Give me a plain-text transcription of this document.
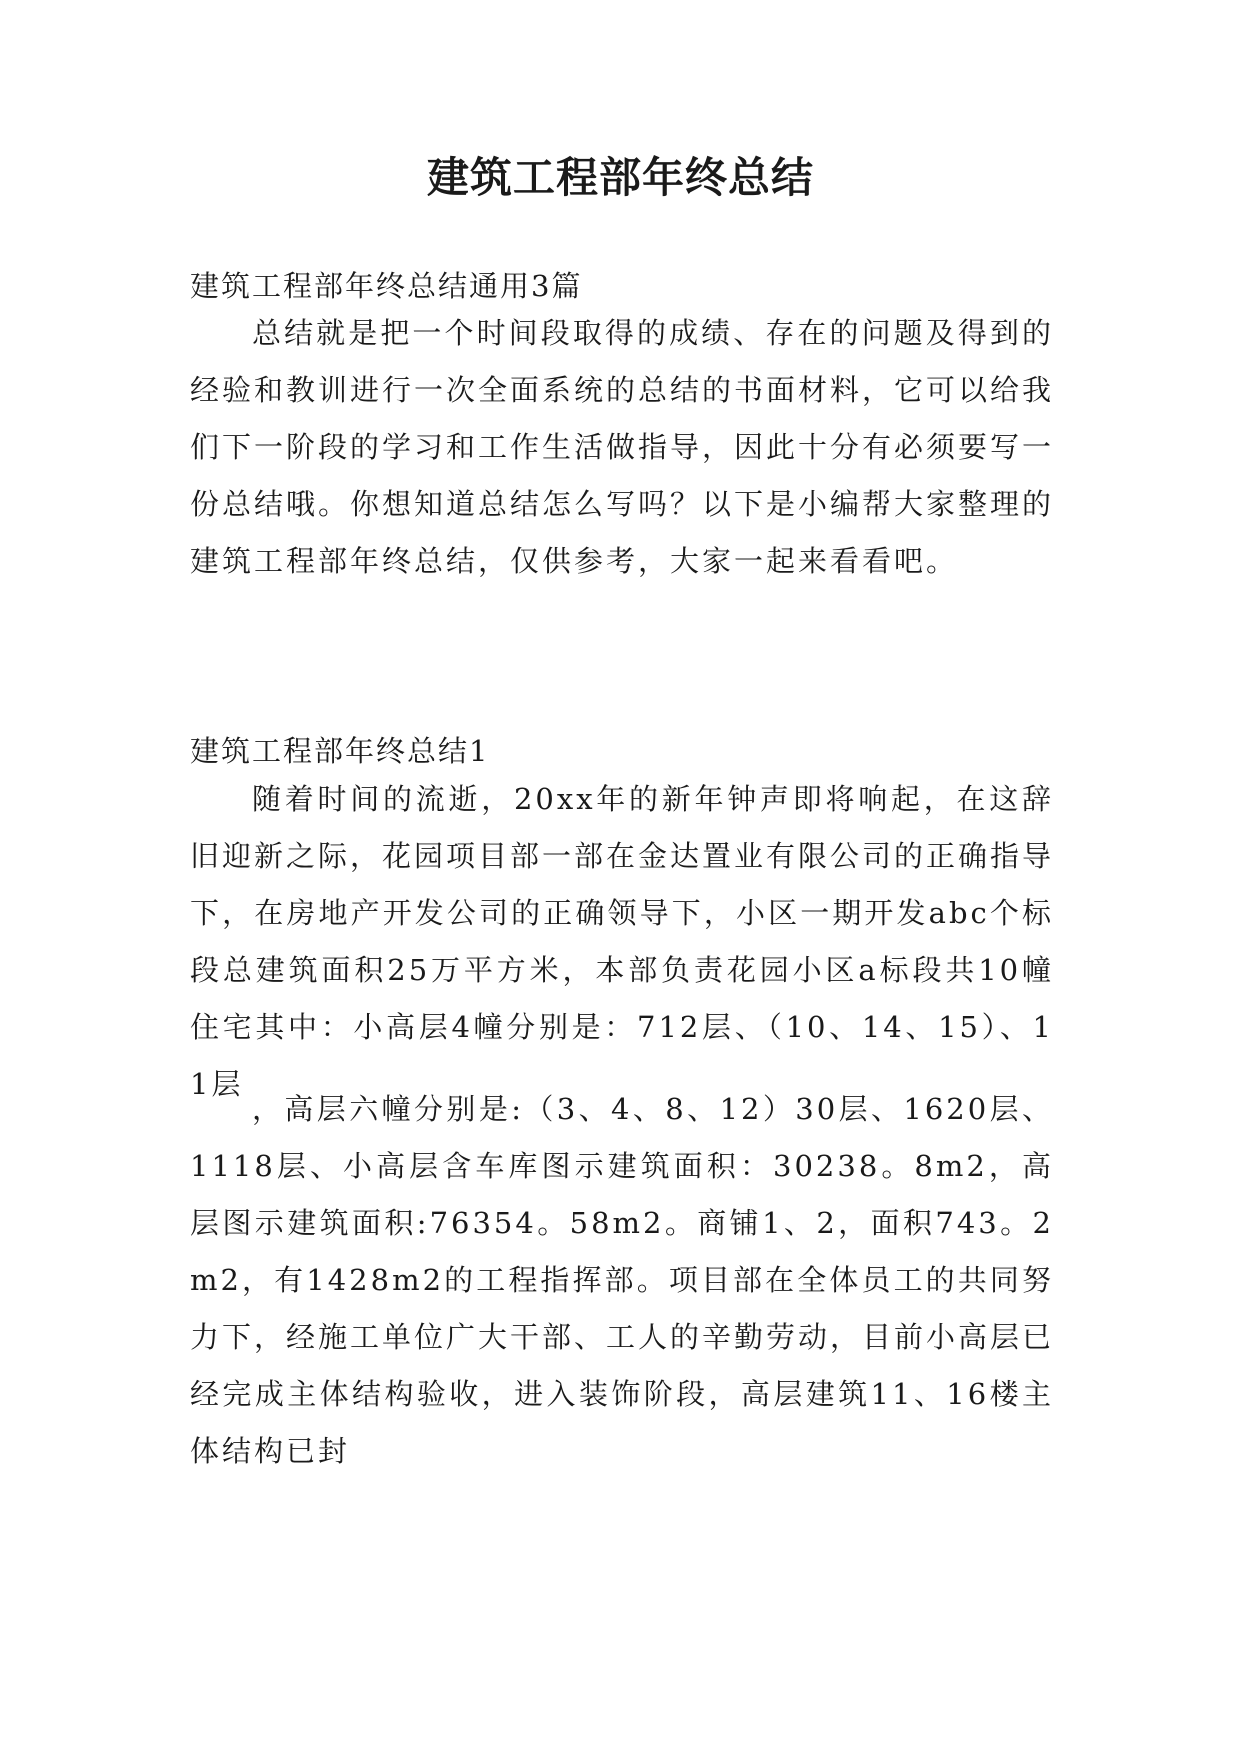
建筑工程部年终总结

建筑工程部年终总结通用3篇

总结就是把一个时间段取得的成绩、存在的问题及得到的经验和教训进行一次全面系统的总结的书面材料，它可以给我们下一阶段的学习和工作生活做指导，因此十分有必须要写一份总结哦。你想知道总结怎么写吗？以下是小编帮大家整理的建筑工程部年终总结，仅供参考，大家一起来看看吧。

建筑工程部年终总结1

随着时间的流逝，20xx年的新年钟声即将响起，在这辞旧迎新之际，花园项目部一部在金达置业有限公司的正确指导下，在房地产开发公司的正确领导下，小区一期开发abc个标段总建筑面积25万平方米，本部负责花园小区a标段共10幢住宅其中：小高层4幢分别是：712层、（10、14、15）、11层

，高层六幢分别是:（3、4、8、12）30层、1620层、1118层、小高层含车库图示建筑面积：30238。8m2，高层图示建筑面积:76354。58m2。商铺1、2，面积743。2m2，有1428m2的工程指挥部。项目部在全体员工的共同努力下，经施工单位广大干部、工人的辛勤劳动，目前小高层已经完成主体结构验收，进入装饰阶段，高层建筑11、16楼主体结构已封
